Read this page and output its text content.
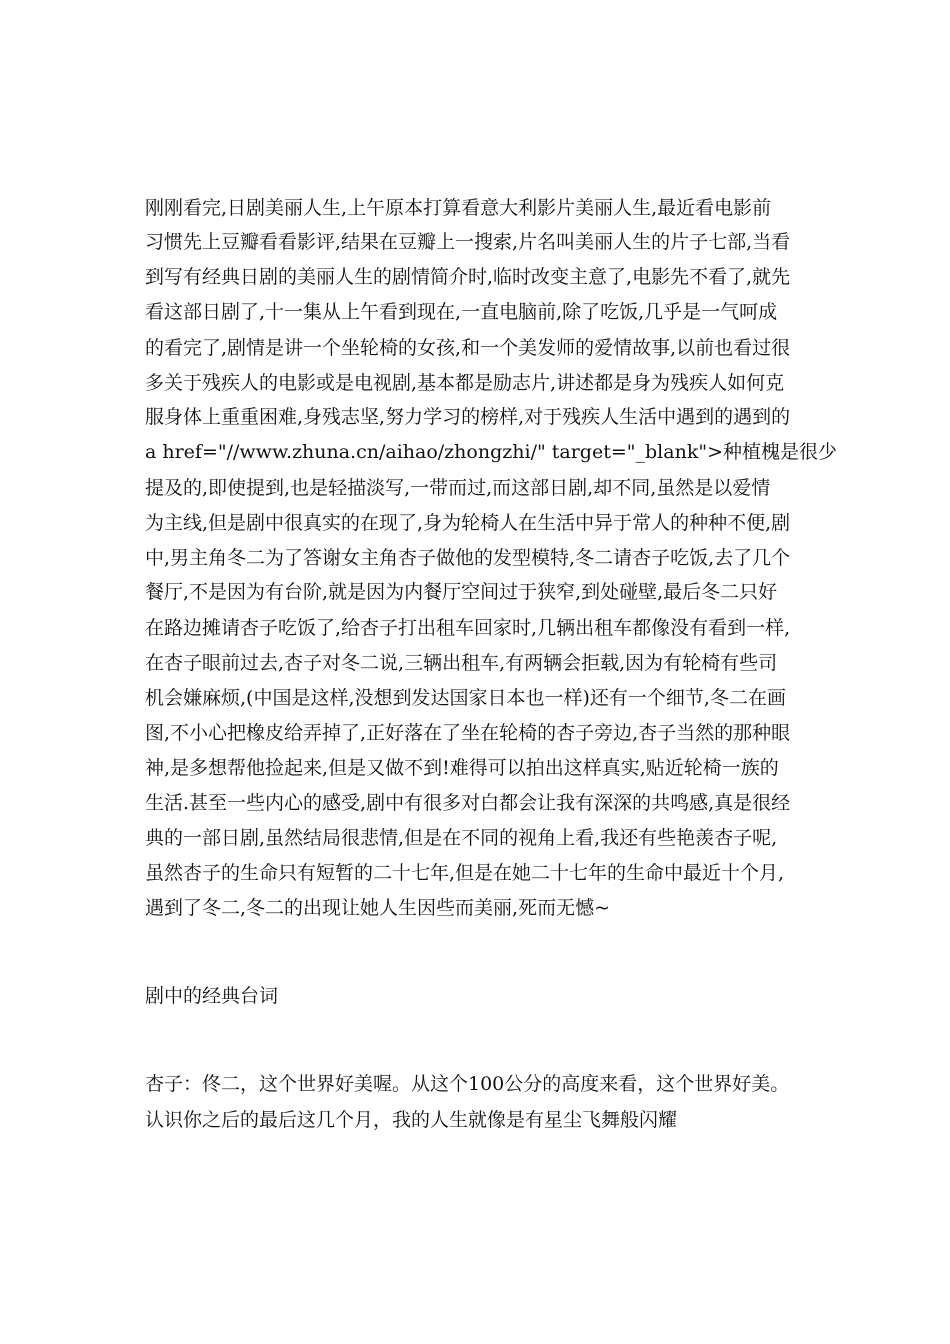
刚刚看完,日剧美丽人生,上午原本打算看意大利影片美丽人生,最近看电影前
习惯先上豆瓣看看影评,结果在豆瓣上一搜索,片名叫美丽人生的片子七部,当看
到写有经典日剧的美丽人生的剧情简介时,临时改变主意了,电影先不看了,就先
看这部日剧了,十一集从上午看到现在,一直电脑前,除了吃饭,几乎是一气呵成
的看完了,剧情是讲一个坐轮椅的女孩,和一个美发师的爱情故事,以前也看过很
多关于残疾人的电影或是电视剧,基本都是励志片,讲述都是身为残疾人如何克
服身体上重重困难,身残志坚,努力学习的榜样,对于残疾人生活中遇到的遇到的
a href="//www.zhuna.cn/aihao/zhongzhi/" target="_blank">种植槐是很少
提及的,即使提到,也是轻描淡写,一带而过,而这部日剧,却不同,虽然是以爱情
为主线,但是剧中很真实的在现了,身为轮椅人在生活中异于常人的种种不便,剧
中,男主角冬二为了答谢女主角杏子做他的发型模特,冬二请杏子吃饭,去了几个
餐厅,不是因为有台阶,就是因为内餐厅空间过于狭窄,到处碰壁,最后冬二只好
在路边摊请杏子吃饭了,给杏子打出租车回家时,几辆出租车都像没有看到一样,
在杏子眼前过去,杏子对冬二说,三辆出租车,有两辆会拒载,因为有轮椅有些司
机会嫌麻烦,(中国是这样,没想到发达国家日本也一样)还有一个细节,冬二在画
图,不小心把橡皮给弄掉了,正好落在了坐在轮椅的杏子旁边,杏子当然的那种眼
神,是多想帮他捡起来,但是又做不到!难得可以拍出这样真实,贴近轮椅一族的
生活.甚至一些内心的感受,剧中有很多对白都会让我有深深的共鸣感,真是很经
典的一部日剧,虽然结局很悲情,但是在不同的视角上看,我还有些艳羡杏子呢,
虽然杏子的生命只有短暂的二十七年,但是在她二十七年的生命中最近十个月,
遇到了冬二,冬二的出现让她人生因些而美丽,死而无憾~
剧中的经典台词
杏子：佟二，这个世界好美喔。从这个100公分的高度来看，这个世界好美。
认识你之后的最后这几个月，我的人生就像是有星尘飞舞般闪耀
